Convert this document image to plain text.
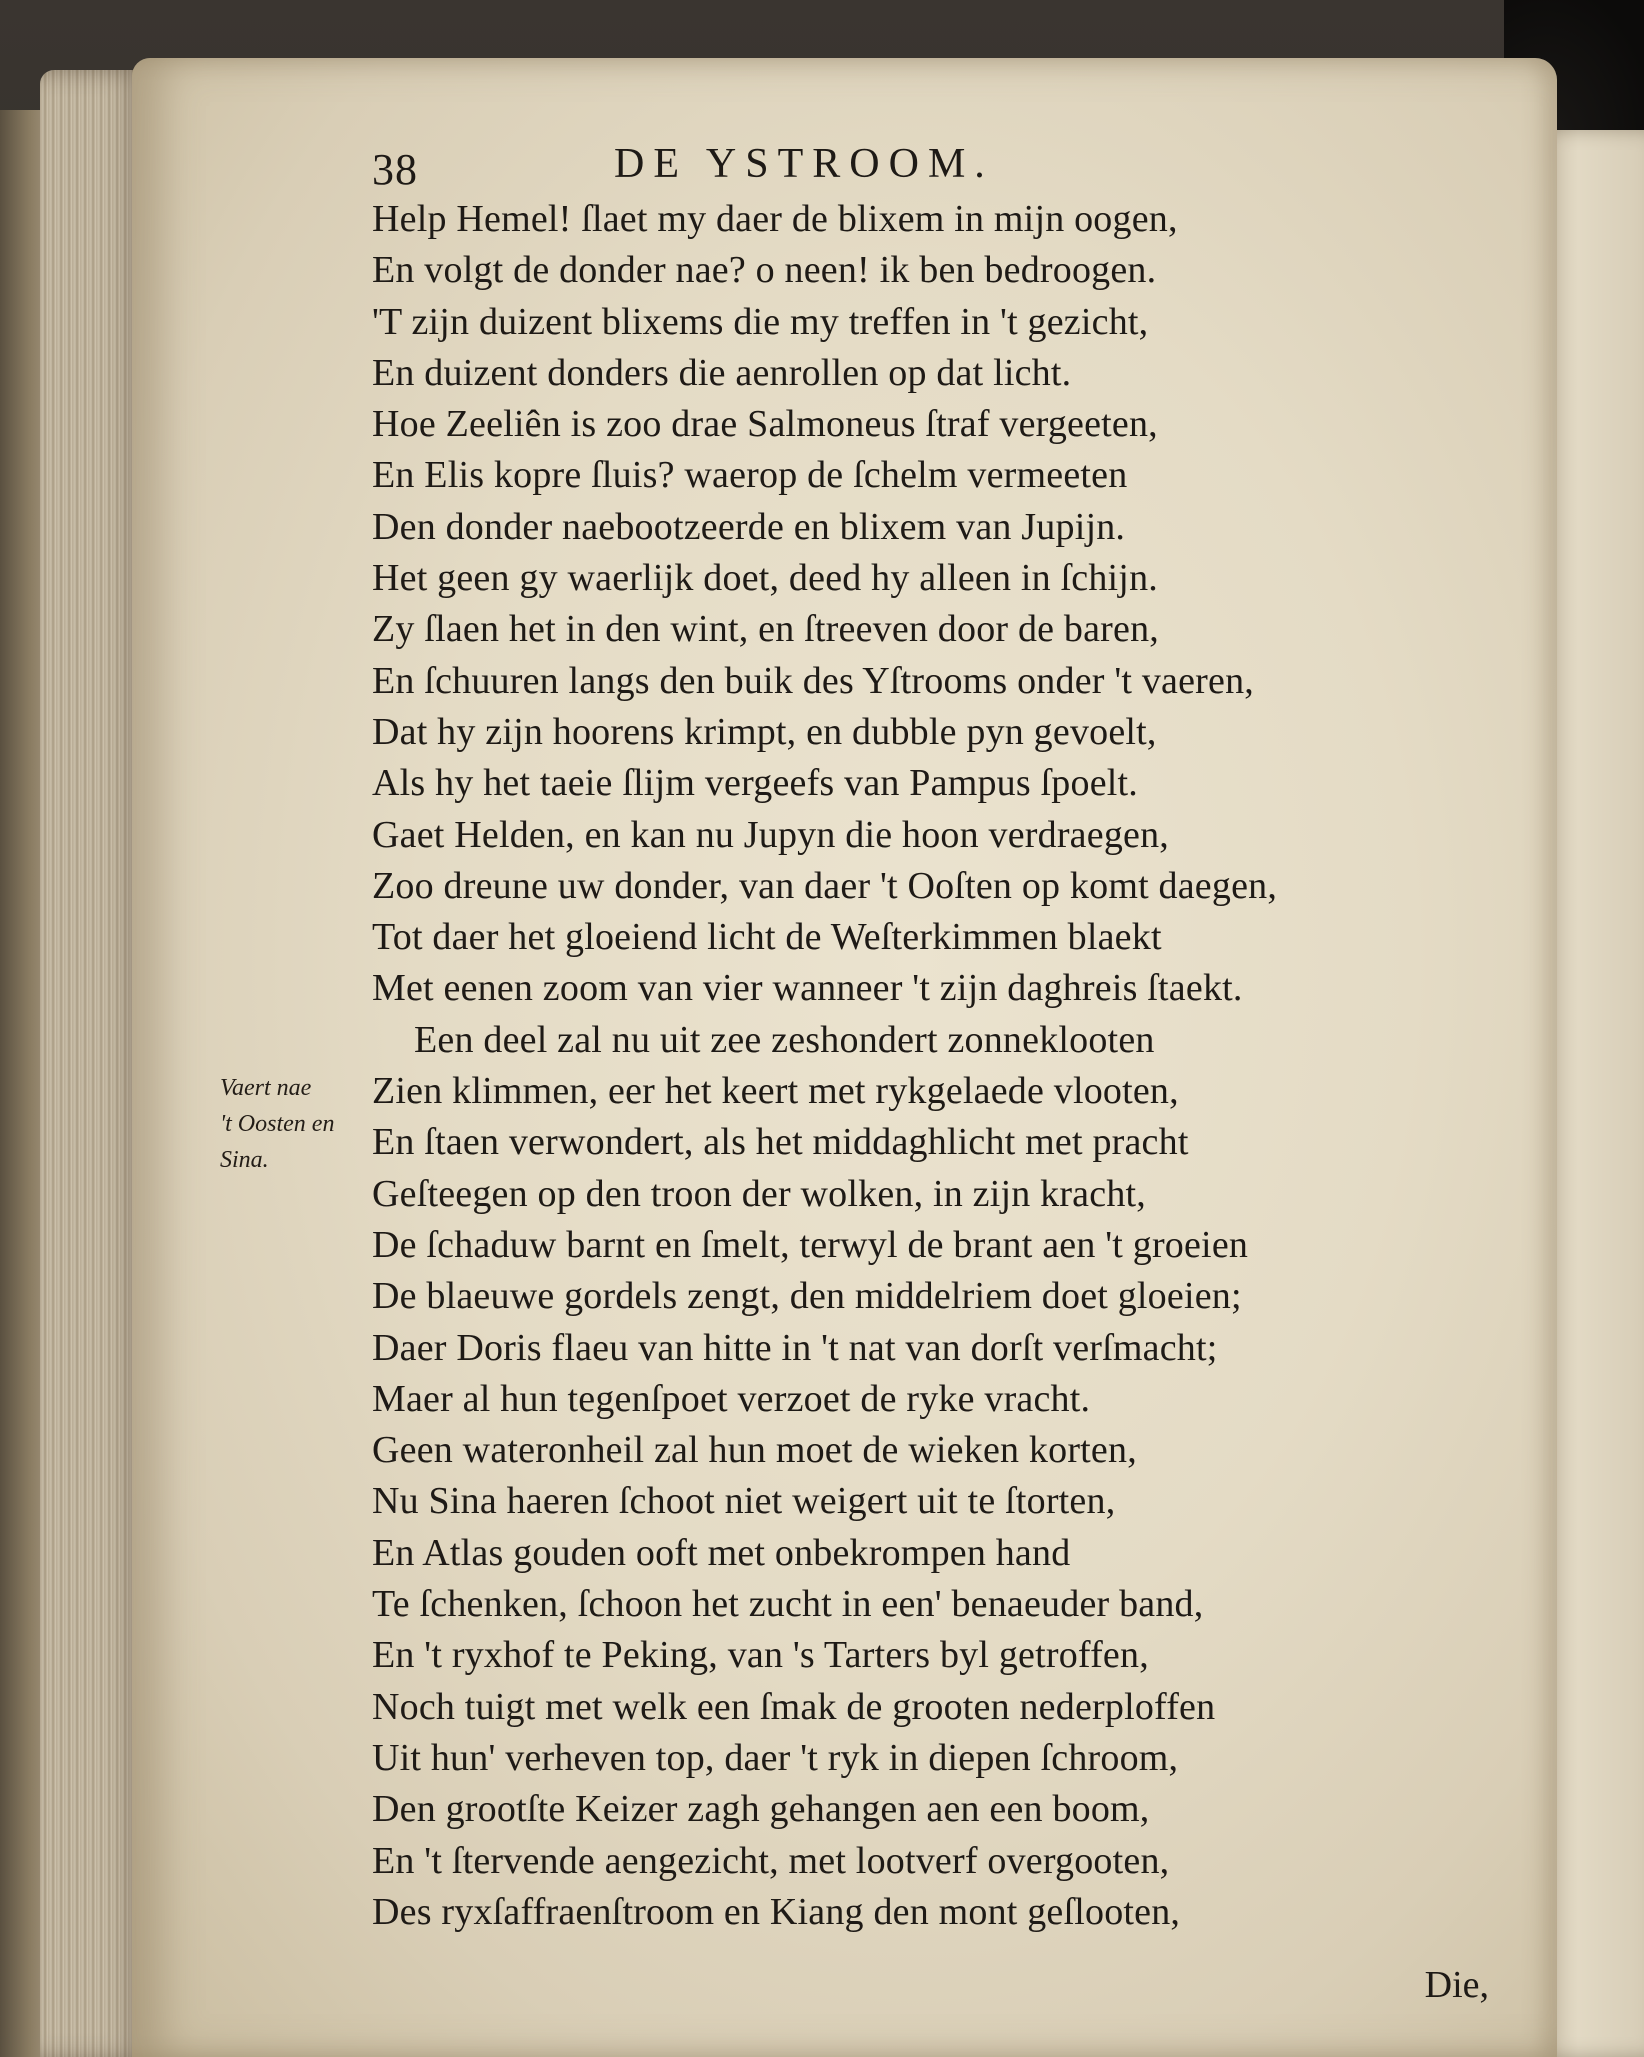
38	DE YSTROOM.
Help Hemel! ſlaet my daer de blixem in mijn oogen,
En volgt de donder nae? o neen! ik ben bedroogen.
'T zijn duizent blixems die my treffen in 't gezicht,
En duizent donders die aenrollen op dat licht.
Hoe Zeeliên is zoo drae Salmoneus ſtraf vergeeten,
En Elis kopre ſluis? waerop de ſchelm vermeeten
Den donder naebootzeerde en blixem van Jupijn.
Het geen gy waerlijk doet, deed hy alleen in ſchijn.
Zy ſlaen het in den wint, en ſtreeven door de baren,
En ſchuuren langs den buik des Yſtrooms onder 't vaeren,
Dat hy zijn hoorens krimpt, en dubble pyn gevoelt,
Als hy het taeie ſlijm vergeefs van Pampus ſpoelt.
Gaet Helden, en kan nu Jupyn die hoon verdraegen,
Zoo dreune uw donder, van daer 't Ooſten op komt daegen,
Tot daer het gloeiend licht de Weſterkimmen blaekt
Met eenen zoom van vier wanneer 't zijn daghreis ſtaekt.
Een deel zal nu uit zee zeshondert zonneklooten
Zien klimmen, eer het keert met rykgelaede vlooten,
En ſtaen verwondert, als het middaghlicht met pracht
Geſteegen op den troon der wolken, in zijn kracht,
De ſchaduw barnt en ſmelt, terwyl de brant aen 't groeien
De blaeuwe gordels zengt, den middelriem doet gloeien;
Daer Doris flaeu van hitte in 't nat van dorſt verſmacht;
Maer al hun tegenſpoet verzoet de ryke vracht.
Geen wateronheil zal hun moet de wieken korten,
Nu Sina haeren ſchoot niet weigert uit te ſtorten,
En Atlas gouden ooft met onbekrompen hand
Te ſchenken, ſchoon het zucht in een' benaeuder band,
En 't ryxhof te Peking, van 's Tarters byl getroffen,
Noch tuigt met welk een ſmak de grooten nederploffen
Uit hun' verheven top, daer 't ryk in diepen ſchroom,
Den grootſte Keizer zagh gehangen aen een boom,
En 't ſtervende aengezicht, met lootverf overgooten,
Des ryxſaffraenſtroom en Kiang den mont geſlooten,
Vaert nae
't Oosten en
Sina.
Die,
